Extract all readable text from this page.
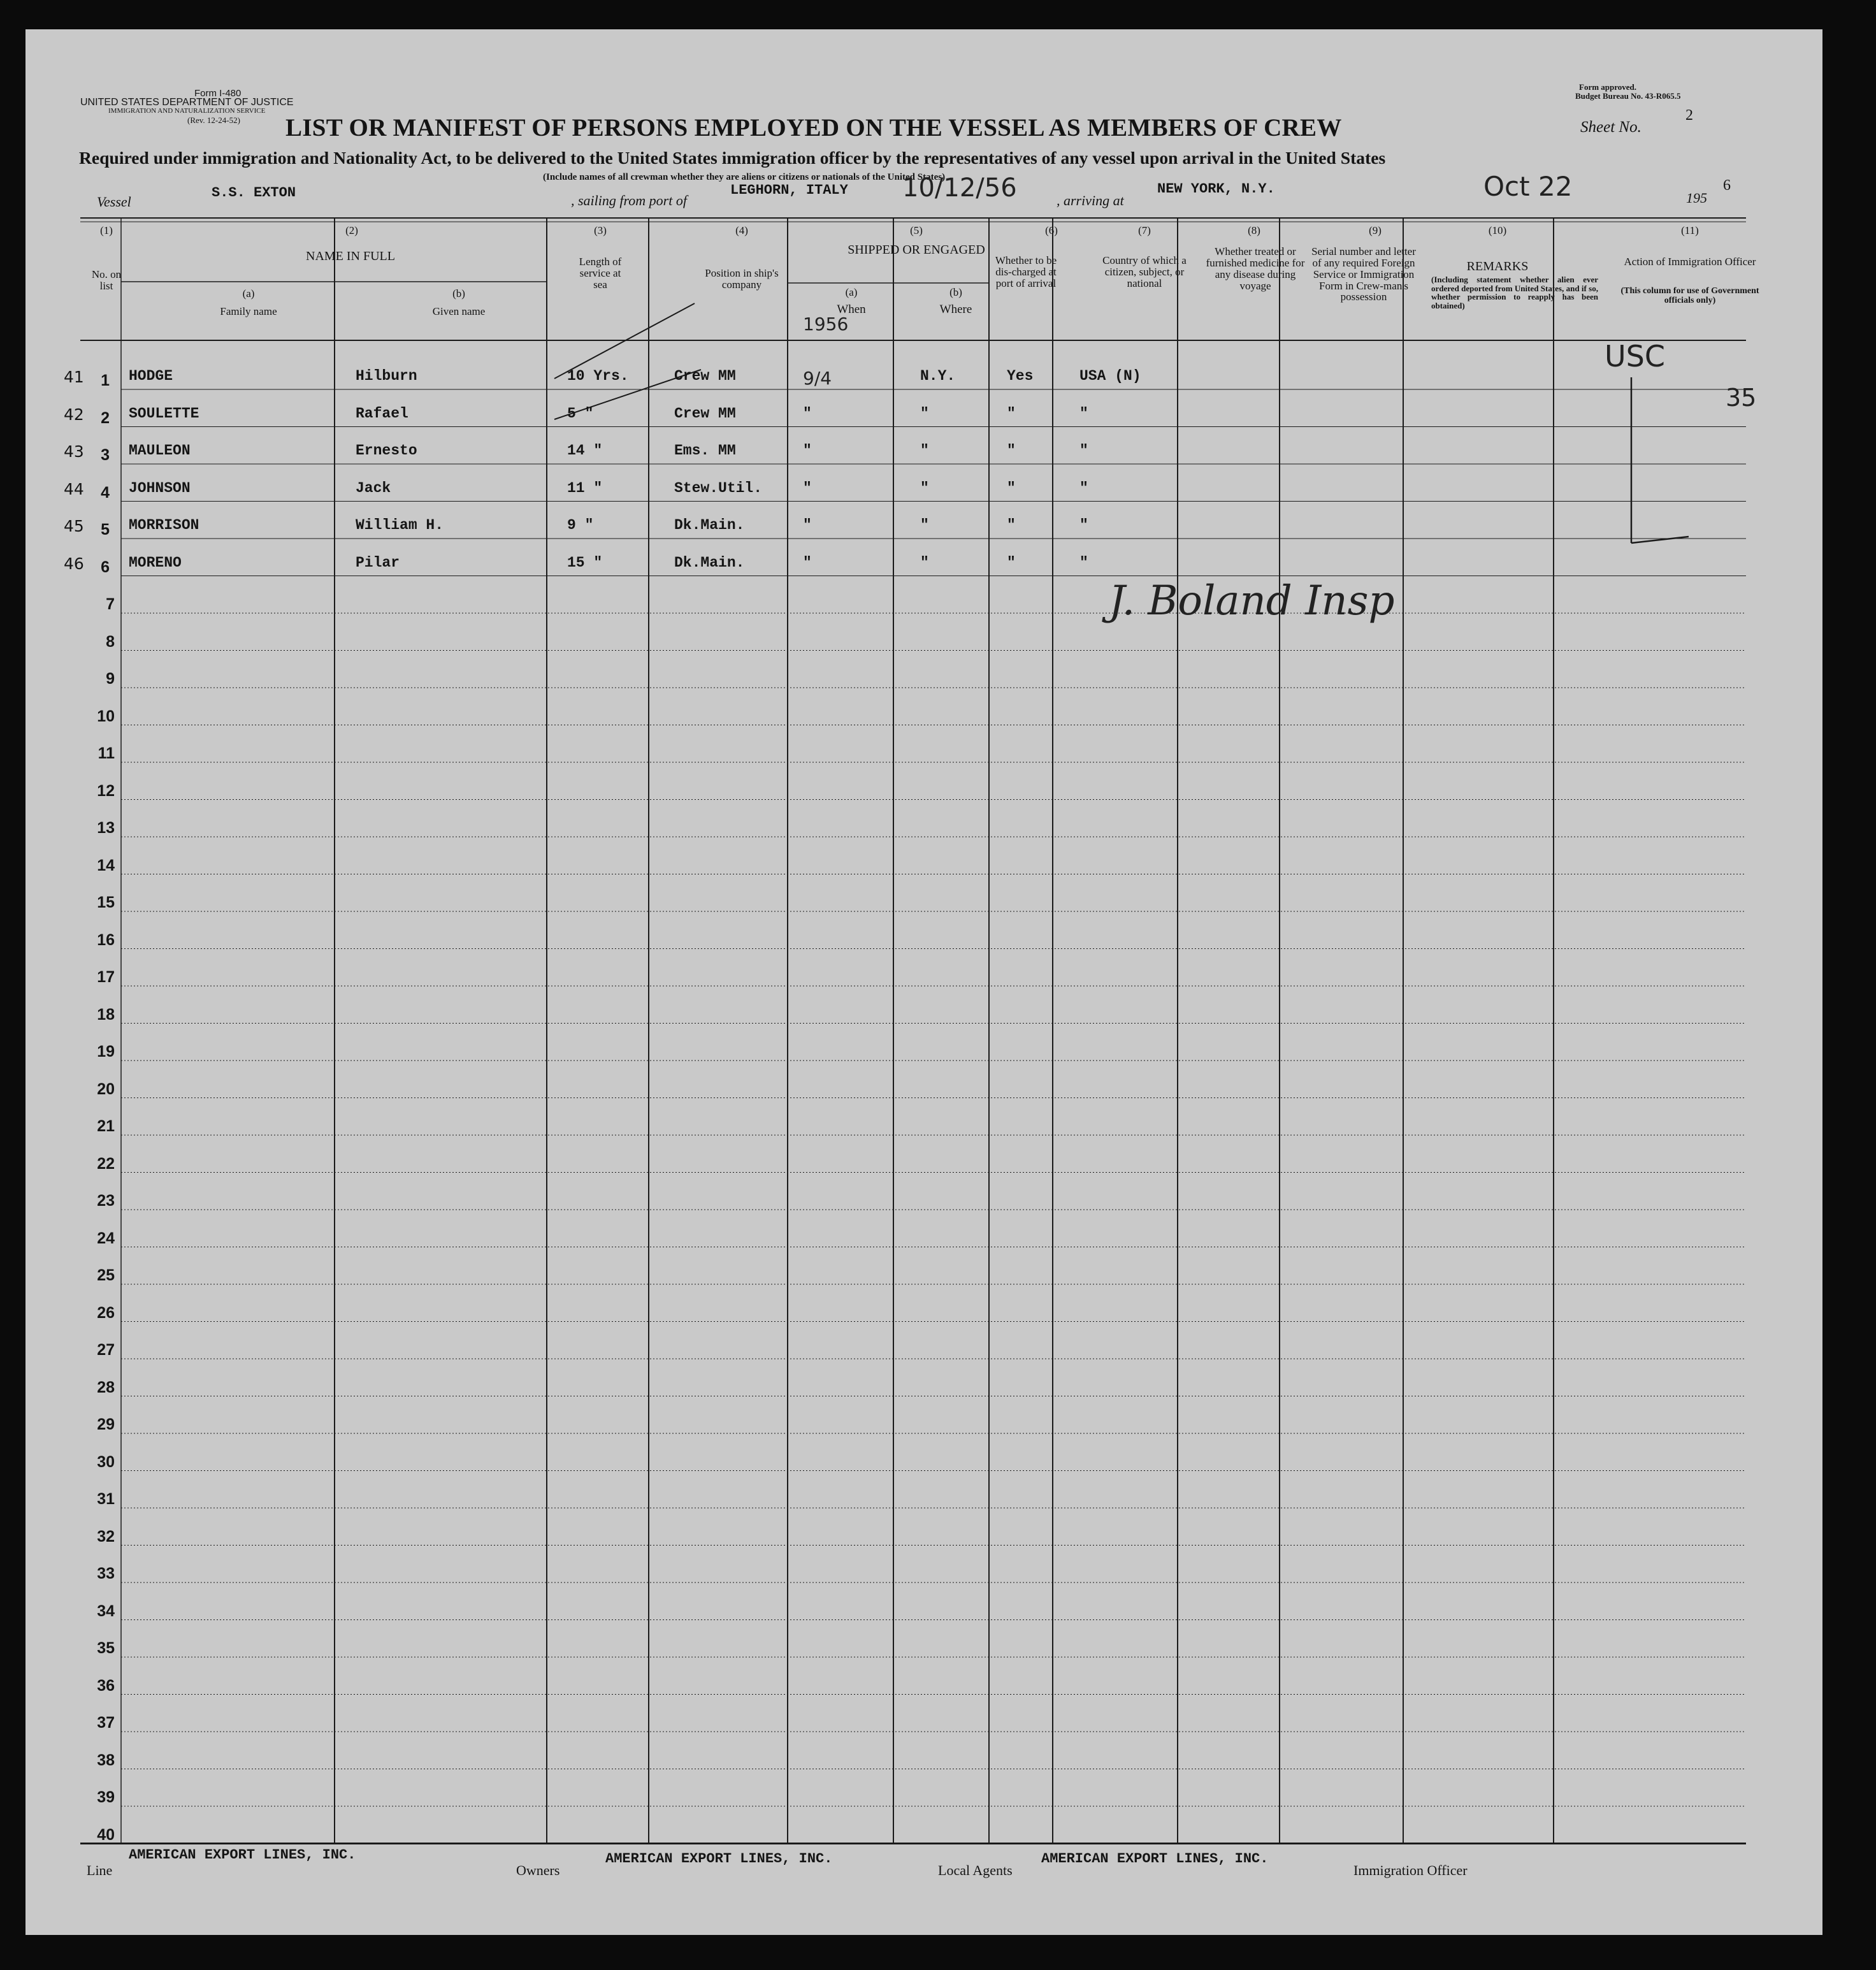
Form I-480
UNITED STATES DEPARTMENT OF JUSTICE
IMMIGRATION AND NATURALIZATION SERVICE
(Rev. 12-24-52)
Form approved.
Budget Bureau No. 43-R065.5
LIST OR MANIFEST OF PERSONS EMPLOYED ON THE VESSEL AS MEMBERS OF CREW	Sheet No.
2
Required under immigration and Nationality Act, to be delivered to the United States immigration officer by the representatives of any vessel upon arrival in the United States
(Include names of all crewman whether they are aliens or citizens or nationals of the United States)
Vessel
S.S. EXTON	, sailing from port of
LEGHORN, ITALY 10/12/56	, arriving at
NEW YORK, N.Y.	Oct 22	195
6
(1)	(2)	(3)	(4)	(5)	(6)	(7)	(8)	(9)	(10)	(11)
No. on list
NAME IN FULL
(a)
Family name
(b)
Given name
Length of service at sea
Position in ship's company
SHIPPED OR ENGAGED
(a)
When
(b)
Where
1956
Whether to be dis-charged at port of arrival
Country of which a citizen, subject, or national
Whether treated or furnished medicine for any disease during voyage
Serial number and letter of any required Foreign Service or Immigration Form in Crew-man's possession
REMARKS
(Including statement whether alien ever ordered deported from United States, and if so, whether permission to reapply has been obtained)
Action of Immigration Officer
(This column for use of Government officials only)
41	1 HODGE	Hilburn	10 Yrs.	Crew MM	9/4	N.Y.	Yes	USA (N)
42	2 SOULETTE	Rafael	5 "	Crew MM	"	"	"	"
43	3 MAULEON	Ernesto	14 "	Ems. MM	"	"	"	"
44	4 JOHNSON	Jack	11 "	Stew.Util.	"	"	"	"
45	5 MORRISON	William H.	9 "	Dk.Main.	"	"	"	"
46	6 MORENO	Pilar	15 "	Dk.Main.	"	"	"	"
7
8
9
10
11
12
13
14
15
16
17
18
19
20
21
22
23
24
25
26
27
28
29
30
31
32
33
34
35
36
37
38
39
40
USC
35
J. Boland Insp
Line
AMERICAN EXPORT LINES, INC.
Owners
AMERICAN EXPORT LINES, INC.
Local Agents
AMERICAN EXPORT LINES, INC.
Immigration Officer
